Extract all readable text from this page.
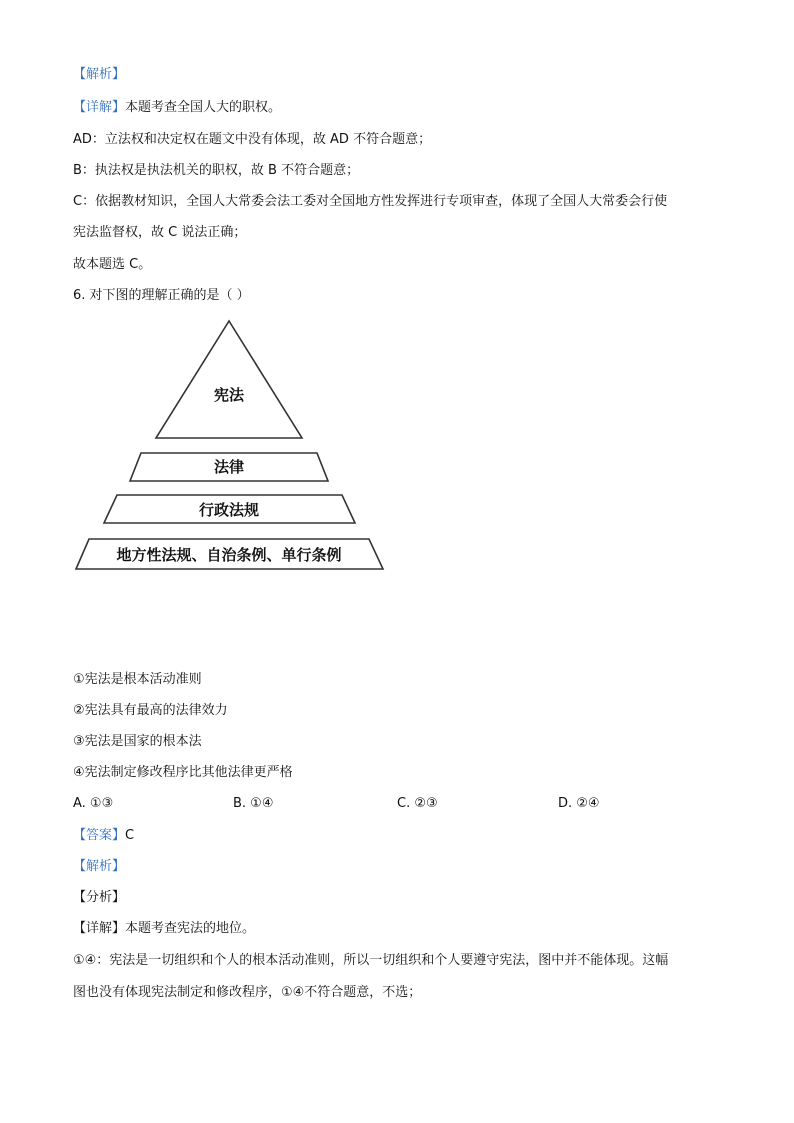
【解析】
【详解】本题考查全国人大的职权。
AD：立法权和决定权在题文中没有体现，故 AD 不符合题意；
B：执法权是执法机关的职权，故 B 不符合题意；
C：依据教材知识，全国人大常委会法工委对全国地方性发挥进行专项审查，体现了全国人大常委会行使
宪法监督权，故 C 说法正确；
故本题选 C。
6. 对下图的理解正确的是（ ）
宪法
法律
行政法规
地方性法规、自治条例、单行条例
①宪法是根本活动准则
②宪法具有最高的法律效力
③宪法是国家的根本法
④宪法制定修改程序比其他法律更严格
A. ①③	B. ①④	C. ②③	D. ②④
【答案】C
【解析】
【分析】
【详解】本题考查宪法的地位。
①④：宪法是一切组织和个人的根本活动准则，所以一切组织和个人要遵守宪法，图中并不能体现。这幅
图也没有体现宪法制定和修改程序，①④不符合题意，不选；
